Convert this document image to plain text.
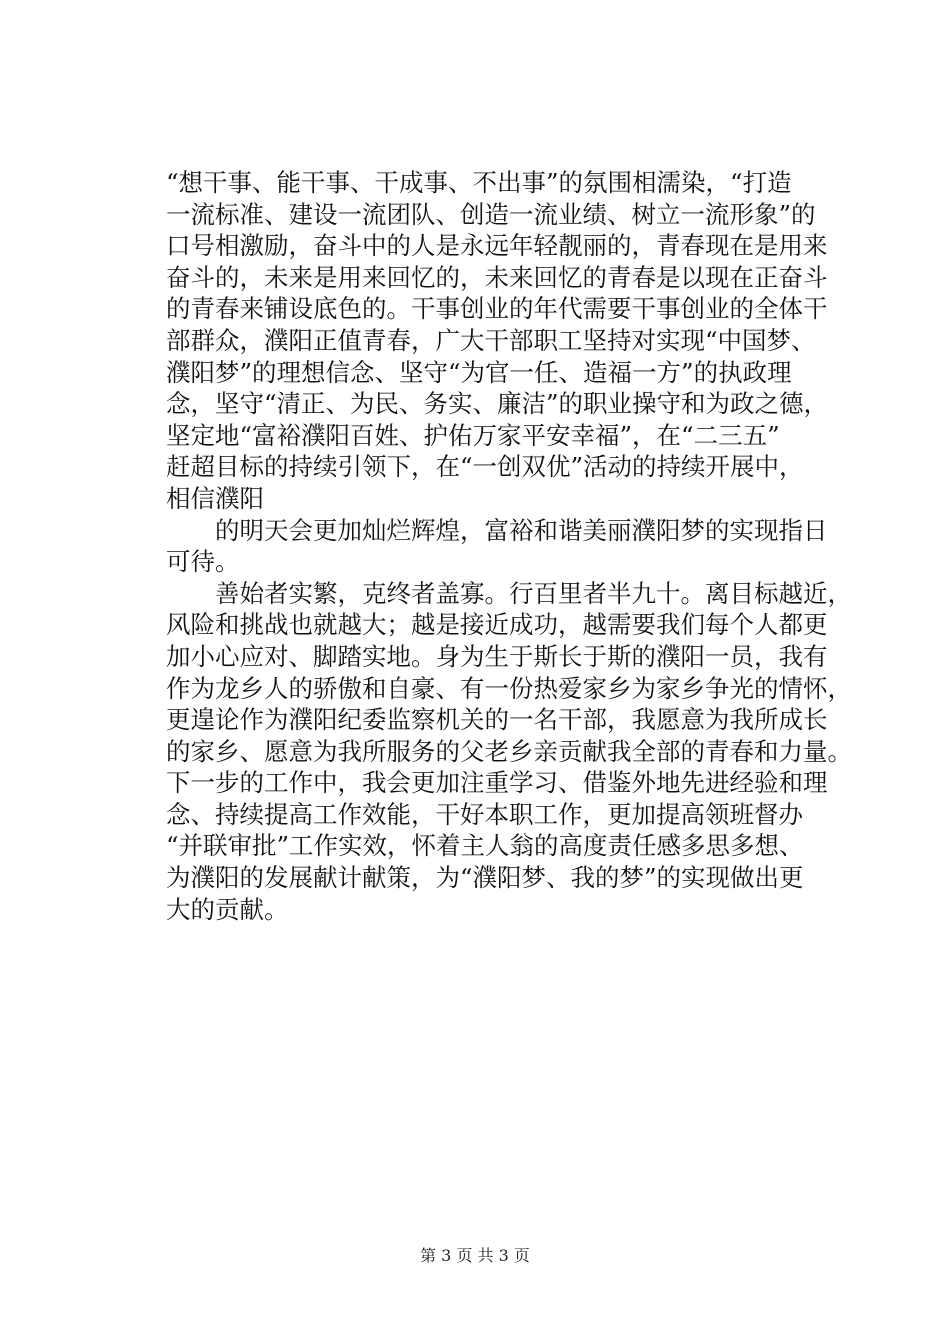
“想干事、能干事、干成事、不出事”的氛围相濡染，“打造
一流标准、建设一流团队、创造一流业绩、树立一流形象”的
口号相激励，奋斗中的人是永远年轻靓丽的，青春现在是用来
奋斗的，未来是用来回忆的，未来回忆的青春是以现在正奋斗
的青春来铺设底色的。干事创业的年代需要干事创业的全体干
部群众，濮阳正值青春，广大干部职工坚持对实现“中国梦、
濮阳梦”的理想信念、坚守“为官一任、造福一方”的执政理
念，坚守“清正、为民、务实、廉洁”的职业操守和为政之德，
坚定地“富裕濮阳百姓、护佑万家平安幸福”，在“二三五”
赶超目标的持续引领下，在“一创双优”活动的持续开展中，
相信濮阳
　　的明天会更加灿烂辉煌，富裕和谐美丽濮阳梦的实现指日
可待。
　　善始者实繁，克终者盖寡。行百里者半九十。离目标越近，
风险和挑战也就越大；越是接近成功，越需要我们每个人都更
加小心应对、脚踏实地。身为生于斯长于斯的濮阳一员，我有
作为龙乡人的骄傲和自豪、有一份热爱家乡为家乡争光的情怀，
更遑论作为濮阳纪委监察机关的一名干部，我愿意为我所成长
的家乡、愿意为我所服务的父老乡亲贡献我全部的青春和力量。
下一步的工作中，我会更加注重学习、借鉴外地先进经验和理
念、持续提高工作效能，干好本职工作，更加提高领班督办
“并联审批”工作实效，怀着主人翁的高度责任感多思多想、
为濮阳的发展献计献策，为“濮阳梦、我的梦”的实现做出更
大的贡献。
第 3 页 共 3 页
